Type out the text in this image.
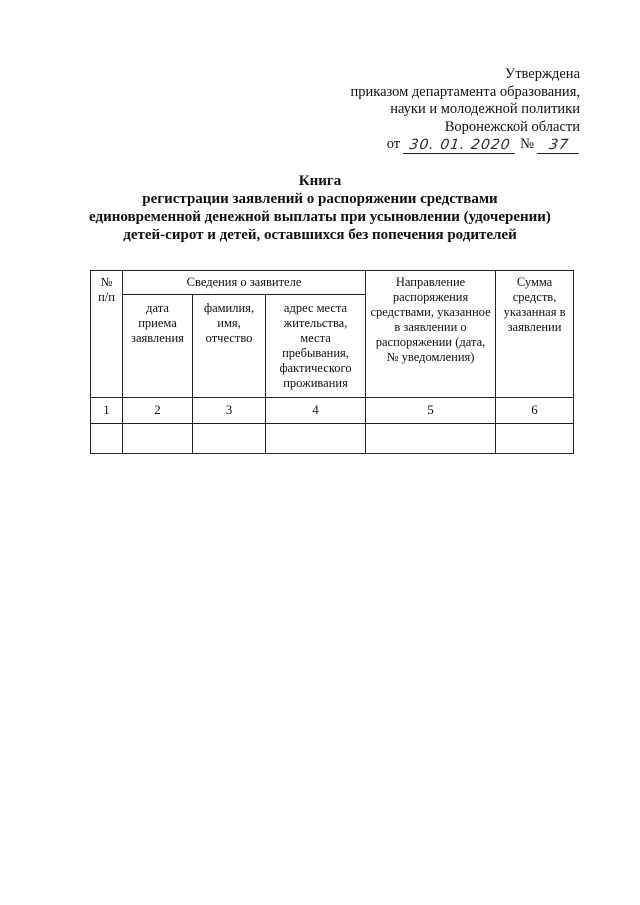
Утверждена
приказом департамента образования,
науки и молодежной политики
Воронежской области
от 30. 01. 2020 №	37
Книга
регистрации заявлений о распоряжении средствами
единовременной денежной выплаты при усыновлении (удочерении)
детей-сирот и детей, оставшихся без попечения родителей
№ п/п	Сведения о заявителе			Направление распоряжения средствами, указанное в заявлении о распоряжении (дата, № уведомления)	Сумма средств, указанная в заявлении
	дата приема заявления	фамилия, имя, отчество	адрес места жительства, места пребывания, фактического проживания		
1	2	3	4	5	6
